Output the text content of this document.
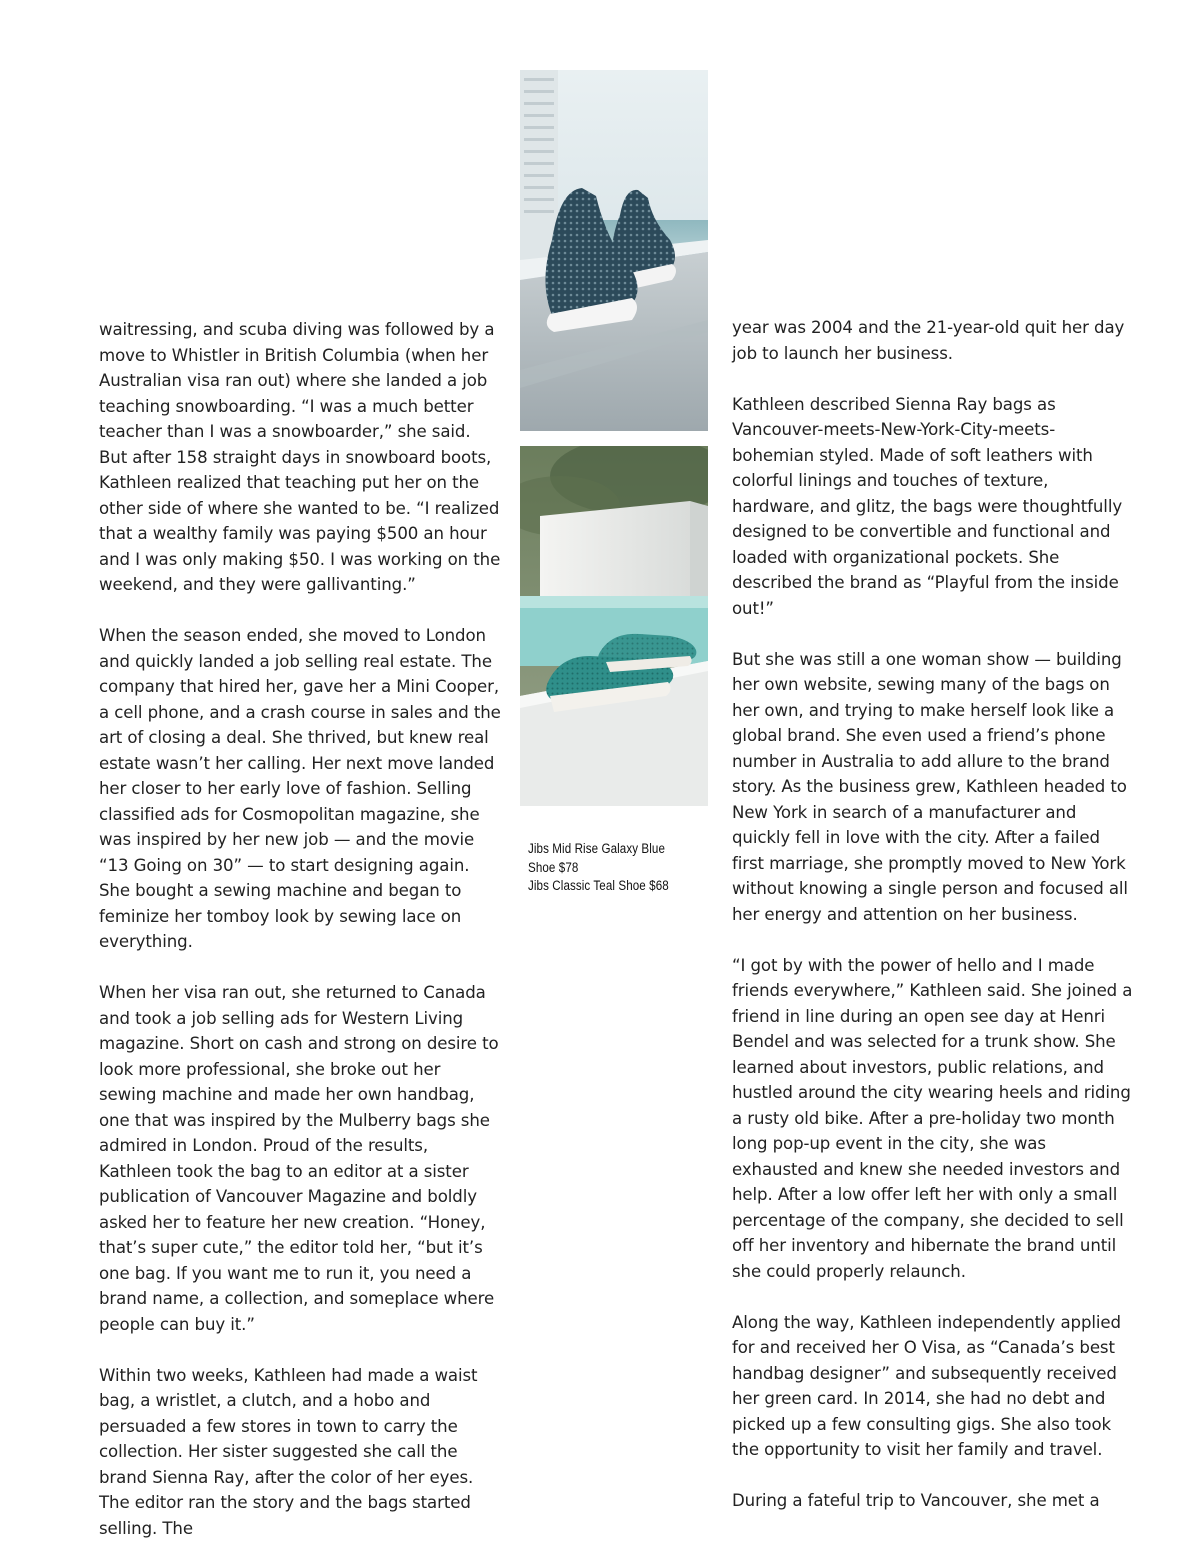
waitressing, and scuba diving was followed by a move to Whistler in British Columbia (when her Australian visa ran out) where she landed a job teaching snowboarding. “I was a much better teacher than I was a snowboarder,” she said. But after 158 straight days in snowboard boots, Kathleen realized that teaching put her on the other side of where she wanted to be. “I realized that a wealthy family was paying $500 an hour and I was only making $50. I was working on the weekend, and they were gallivanting.”

When the season ended, she moved to London and quickly landed a job selling real estate. The company that hired her, gave her a Mini Cooper, a cell phone, and a crash course in sales and the art of closing a deal. She thrived, but knew real estate wasn’t her calling. Her next move landed her closer to her early love of fashion. Selling classified ads for Cosmopolitan magazine, she was inspired by her new job — and the movie “13 Going on 30” — to start designing again. She bought a sewing machine and began to feminize her tomboy look by sewing lace on everything.

When her visa ran out, she returned to Canada and took a job selling ads for Western Living magazine. Short on cash and strong on desire to look more professional, she broke out her sewing machine and made her own handbag, one that was inspired by the Mulberry bags she admired in London. Proud of the results, Kathleen took the bag to an editor at a sister publication of Vancouver Magazine and boldly asked her to feature her new creation. “Honey, that’s super cute,” the editor told her, “but it’s one bag. If you want me to run it, you need a brand name, a collection, and someplace where people can buy it.”

Within two weeks, Kathleen had made a waist bag, a wristlet, a clutch, and a hobo and persuaded a few stores in town to carry the collection. Her sister suggested she call the brand Sienna Ray, after the color of her eyes. The editor ran the story and the bags started selling. The

Jibs Mid Rise Galaxy Blue
Shoe $78
Jibs Classic Teal Shoe $68

year was 2004 and the 21-year-old quit her day job to launch her business.

Kathleen described Sienna Ray bags as Vancouver-meets-New-York-City-meets-bohemian styled. Made of soft leathers with colorful linings and touches of texture, hardware, and glitz, the bags were thoughtfully designed to be convertible and functional and loaded with organizational pockets. She described the brand as “Playful from the inside out!”

But she was still a one woman show — building her own website, sewing many of the bags on her own, and trying to make herself look like a global brand. She even used a friend’s phone number in Australia to add allure to the brand story. As the business grew, Kathleen headed to New York in search of a manufacturer and quickly fell in love with the city. After a failed first marriage, she promptly moved to New York without knowing a single person and focused all her energy and attention on her business.

“I got by with the power of hello and I made friends everywhere,” Kathleen said. She joined a friend in line during an open see day at Henri Bendel and was selected for a trunk show. She learned about investors, public relations, and hustled around the city wearing heels and riding a rusty old bike. After a pre-holiday two month long pop-up event in the city, she was exhausted and knew she needed investors and help. After a low offer left her with only a small percentage of the company, she decided to sell off her inventory and hibernate the brand until she could properly relaunch.

Along the way, Kathleen independently applied for and received her O Visa, as “Canada’s best handbag designer” and subsequently received her green card. In 2014, she had no debt and picked up a few consulting gigs. She also took the opportunity to visit her family and travel.

During a fateful trip to Vancouver, she met a
